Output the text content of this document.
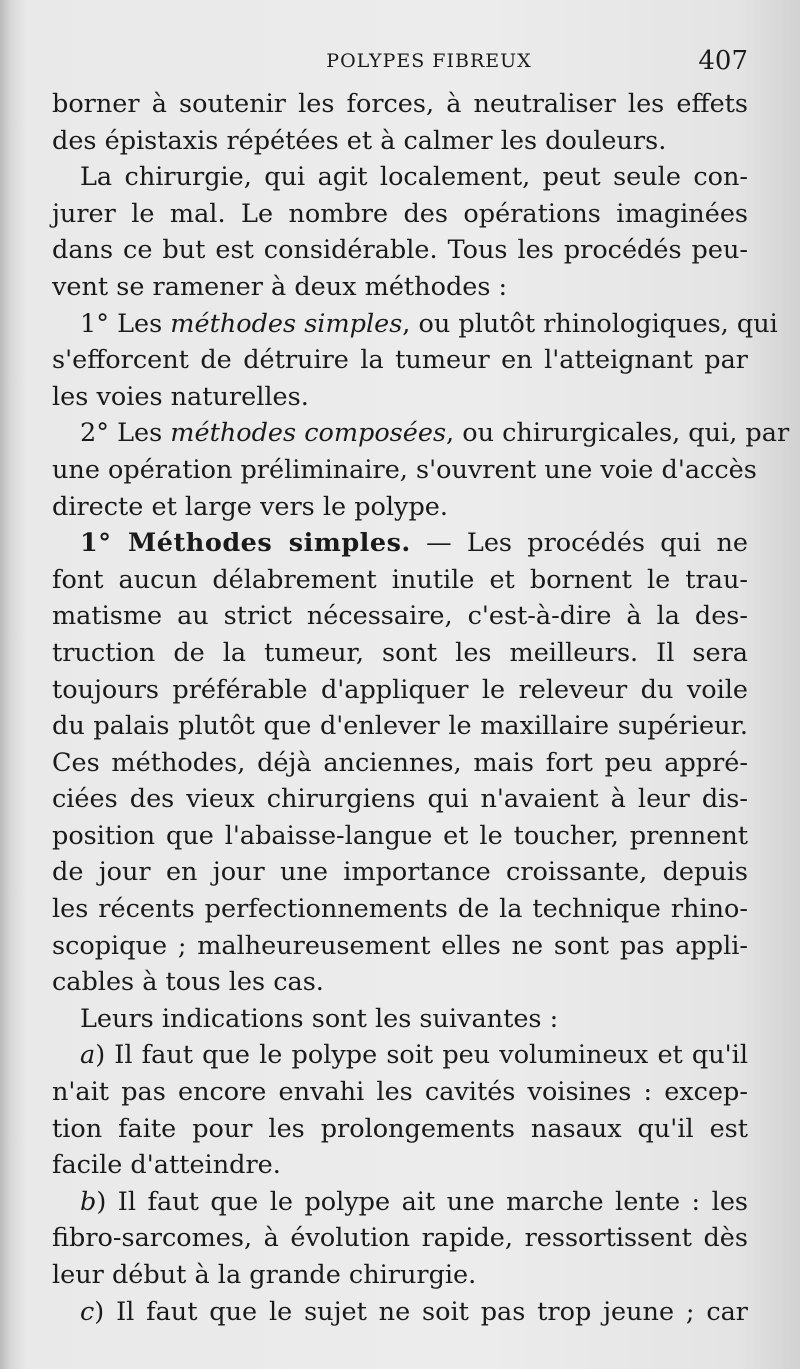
POLYPES FIBREUX	407
borner à soutenir les forces, à neutraliser les effets
des épistaxis répétées et à calmer les douleurs.
La chirurgie, qui agit localement, peut seule con-
jurer le mal. Le nombre des opérations imaginées
dans ce but est considérable. Tous les procédés peu-
vent se ramener à deux méthodes :
1° Les méthodes simples, ou plutôt rhinologiques, qui
s'efforcent de détruire la tumeur en l'atteignant par
les voies naturelles.
2° Les méthodes composées, ou chirurgicales, qui, par
une opération préliminaire, s'ouvrent une voie d'accès
directe et large vers le polype.
1° Méthodes simples. — Les procédés qui ne
font aucun délabrement inutile et bornent le trau-
matisme au strict nécessaire, c'est-à-dire à la des-
truction de la tumeur, sont les meilleurs. Il sera
toujours préférable d'appliquer le releveur du voile
du palais plutôt que d'enlever le maxillaire supérieur.
Ces méthodes, déjà anciennes, mais fort peu appré-
ciées des vieux chirurgiens qui n'avaient à leur dis-
position que l'abaisse-langue et le toucher, prennent
de jour en jour une importance croissante, depuis
les récents perfectionnements de la technique rhino-
scopique ; malheureusement elles ne sont pas appli-
cables à tous les cas.
Leurs indications sont les suivantes :
a) Il faut que le polype soit peu volumineux et qu'il
n'ait pas encore envahi les cavités voisines : excep-
tion faite pour les prolongements nasaux qu'il est
facile d'atteindre.
b) Il faut que le polype ait une marche lente : les
fibro-sarcomes, à évolution rapide, ressortissent dès
leur début à la grande chirurgie.
c) Il faut que le sujet ne soit pas trop jeune ; car
